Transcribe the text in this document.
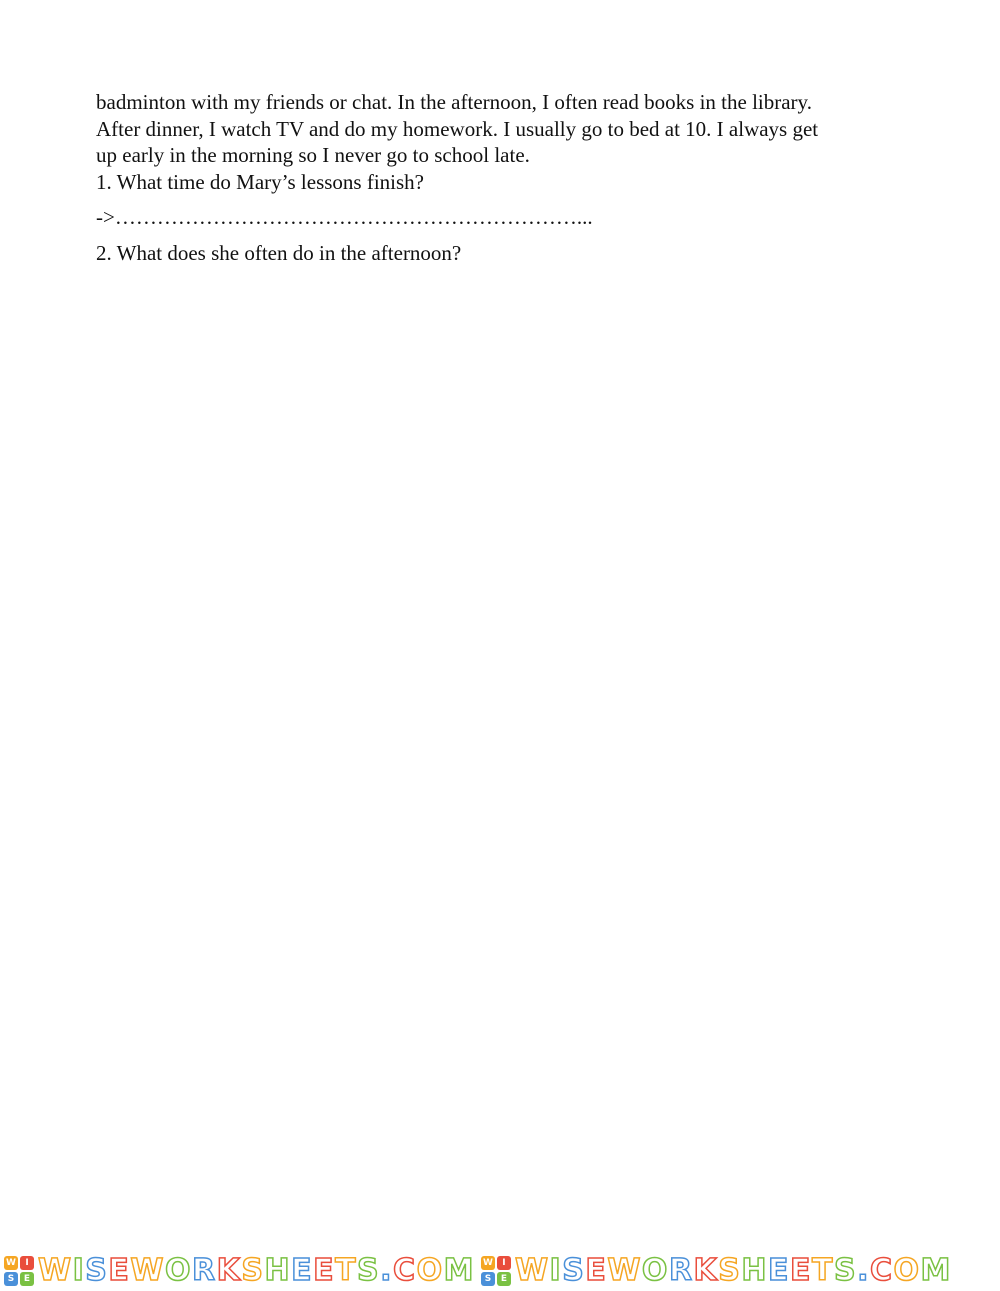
badminton with my friends or chat. In the afternoon, I often read books in the library.
After dinner, I watch TV and do my homework. I usually go to bed at 10. I always get
up early in the morning so I never go to school late.
1. What time do Mary’s lessons finish?
->…………………………………………………………...
2. What does she often do in the afternoon?
W	I
S	E W I S E W O R K S H E E T S . C O M W	I
S	E W I S E W O R K S H E E T S . C O M
